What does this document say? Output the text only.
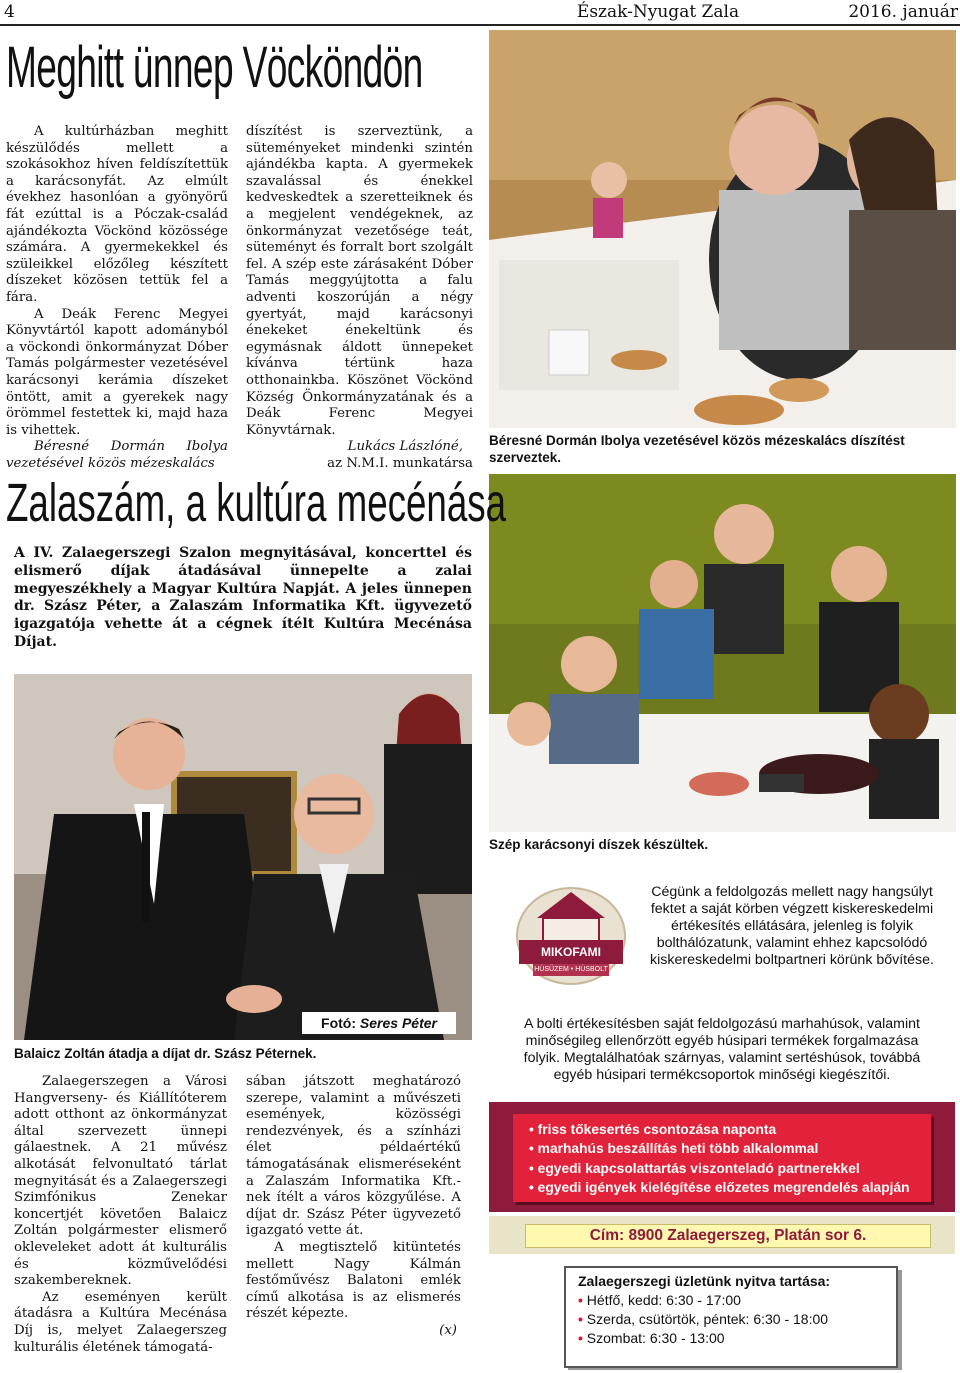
4	Észak-Nyugat Zala	2016. január
Meghitt ünnep Vöcköndön

A kultúrházban meghitt készülődés mellett a szokásokhoz híven feldíszítettük a karácsonyfát. Az elmúlt évekhez hasonlóan a gyönyörű fát ezúttal is a Póczak-család ajándékozta Vöckönd közössége számára. A gyermekekkel és szüleikkel előzőleg készített díszeket közösen tettük fel a fára.

A Deák Ferenc Megyei Könyvtártól kapott adományból a vöckondi önkormányzat Dóber Tamás polgármester vezetésével karácsonyi kerámia díszeket öntött, amit a gyerekek nagy örömmel festettek ki, majd haza is vihettek.

Béresné Dormán Ibolya vezetésével közös mézeskalács

díszítést is szerveztünk, a süteményeket mindenki szintén ajándékba kapta. A gyermekek szavalással és énekkel kedveskedtek a szeretteiknek és a megjelent vendégeknek, az önkormányzat vezetősége teát, süteményt és forralt bort szolgált fel. A szép este zárásaként Dóber Tamás meggyújtotta a falu adventi koszorúján a négy gyertyát, majd karácsonyi énekeket énekeltünk és egymásnak áldott ünnepeket kívánva tértünk haza otthonainkba. Köszönet Vöckönd Község Önkormányzatának és a Deák Ferenc Megyei Könyvtárnak.

Lukács Lászlóné,
az N.M.I. munkatársa
Béresné Dormán Ibolya vezetésével közös mézeskalács díszítést szerveztek.
Szép karácsonyi díszek készültek.
Zalaszám, a kultúra mecénása
A IV. Zalaegerszegi Szalon megnyitásával, koncerttel és elismerő díjak átadásával ünnepelte a zalai megyeszékhely a Magyar Kultúra Napját. A jeles ünnepen dr. Szász Péter, a Zalaszám Informatika Kft. ügyvezető igazgatója vehette át a cégnek ítélt Kultúra Mecénása Díjat.
Fotó: Seres Péter
Balaicz Zoltán átadja a díjat dr. Szász Péternek.

Zalaegerszegen a Városi Hangverseny- és Kiállítóterem adott otthont az önkormányzat által szervezett ünnepi gálaestnek. A 21 művész alkotását felvonultató tárlat megnyitását és a Zalaegerszegi Szimfónikus Zenekar koncertjét követően Balaicz Zoltán polgármester elismerő okleveleket adott át kulturális és közművelődési szakembereknek.

Az eseményen került átadásra a Kultúra Mecénása Díj is, melyet Zalaegerszeg kulturális életének támogatá-

sában játszott meghatározó szerepe, valamint a művészeti események, közösségi rendezvények, és a színházi élet példaértékű támogatásának elismeréseként a Zalaszám Informatika Kft.-nek ítélt a város közgyűlése. A díjat dr. Szász Péter ügyvezető igazgató vette át.

A megtisztelő kitüntetés mellett Nagy Kálmán festőművész Balatoni emlék című alkotása is az elismerés részét képezte.

(x)
MIKOFAMI
HÚSÜZEM • HÚSBOLT
Cégünk a feldolgozás mellett nagy hangsúlyt fektet a saját körben végzett kiskereskedelmi értékesítés ellátására, jelenleg is folyik bolthálózatunk, valamint ehhez kapcsolódó kiskereskedelmi boltpartneri körünk bővítése.
A bolti értékesítésben saját feldolgozású marhahúsok, valamint minőségileg ellenőrzött egyéb húsipari termékek forgalmazása folyik. Megtalálhatóak szárnyas, valamint sertéshúsok, továbbá egyéb húsipari termékcsoportok minőségi kiegészítői.
• friss tőkesertés csontozása naponta
• marhahús beszállítás heti több alkalommal
• egyedi kapcsolattartás viszonteladó partnerekkel
• egyedi igények kielégítése előzetes megrendelés alapján
Cím: 8900 Zalaegerszeg, Platán sor 6.
Zalaegerszegi üzletünk nyitva tartása:
• Hétfő, kedd: 6:30 - 17:00
• Szerda, csütörtök, péntek: 6:30 - 18:00
• Szombat: 6:30 - 13:00
